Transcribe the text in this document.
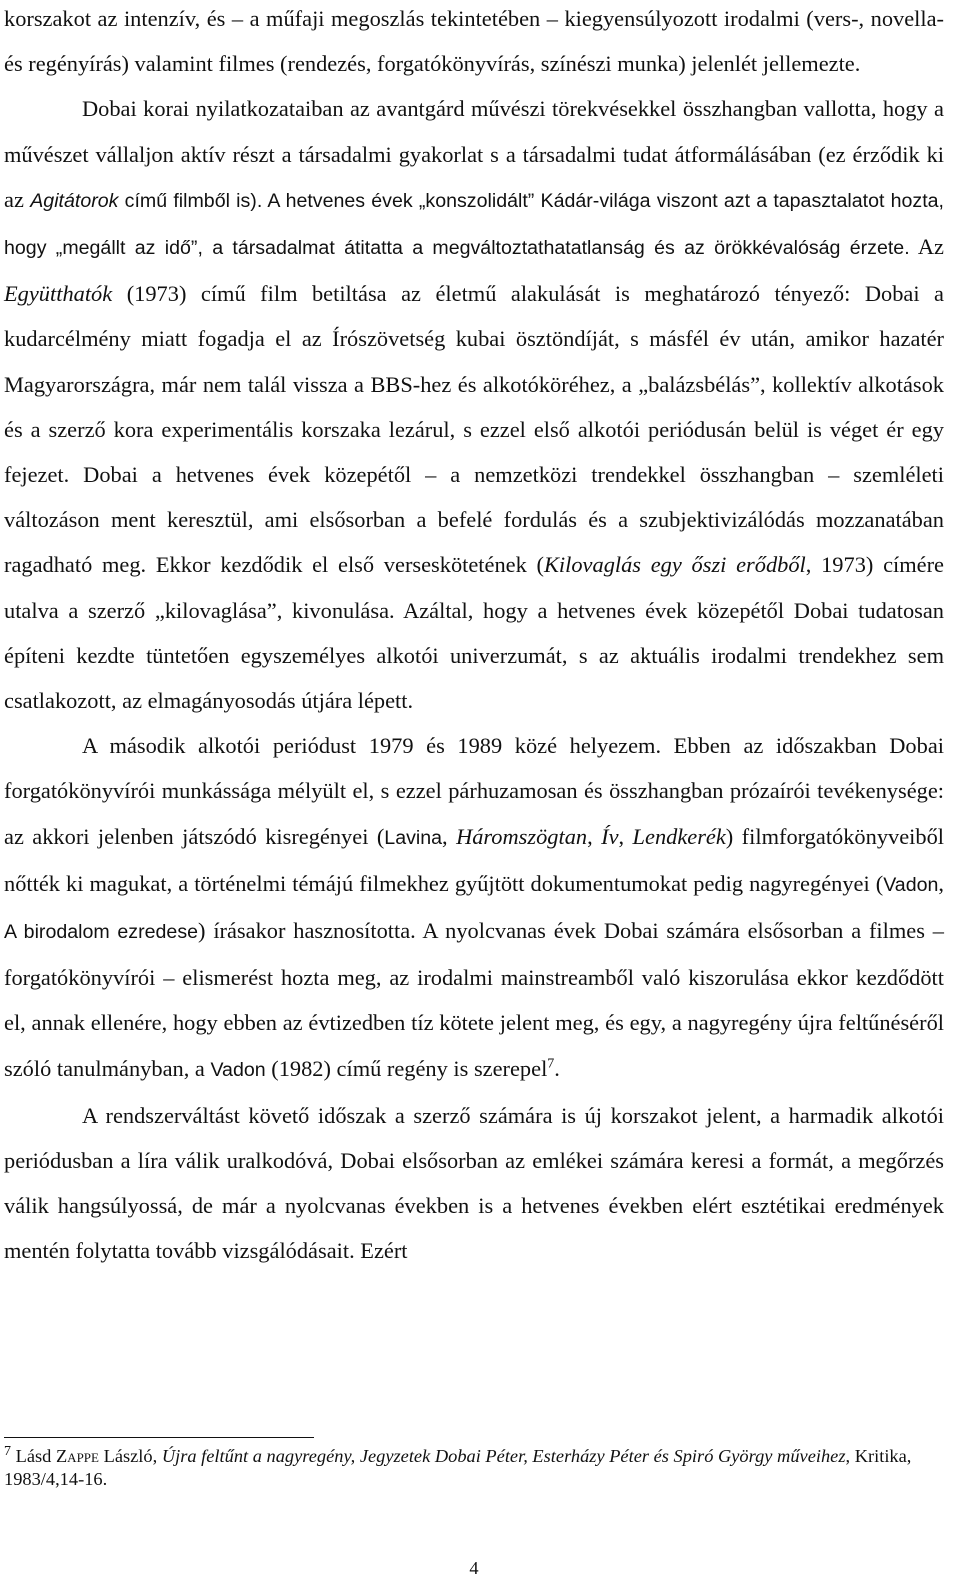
korszakot az intenzív, és – a műfaji megoszlás tekintetében – kiegyensúlyozott irodalmi (vers-, novella- és regényírás) valamint filmes (rendezés, forgatókönyvírás, színészi munka) jelenlét jellemezte.

Dobai korai nyilatkozataiban az avantgárd művészi törekvésekkel összhangban vallotta, hogy a művészet vállaljon aktív részt a társadalmi gyakorlat s a társadalmi tudat átformálásában (ez érződik ki az Agitátorok című filmből is). A hetvenes évek „konszolidált” Kádár-világa viszont azt a tapasztalatot hozta, hogy „megállt az idő”, a társadalmat átitatta a megváltoztathatatlanság és az örökkévalóság érzete. Az Együtthatók (1973) című film betiltása az életmű alakulását is meghatározó tényező: Dobai a kudarcélmény miatt fogadja el az Írószövetség kubai ösztöndíját, s másfél év után, amikor hazatér Magyarországra, már nem talál vissza a BBS-hez és alkotóköréhez, a „balázsbélás”, kollektív alkotások és a szerző kora experimentális korszaka lezárul, s ezzel első alkotói periódusán belül is véget ér egy fejezet. Dobai a hetvenes évek közepétől – a nemzetközi trendekkel összhangban – szemléleti változáson ment keresztül, ami elsősorban a befelé fordulás és a szubjektivizálódás mozzanatában ragadható meg. Ekkor kezdődik el első verseskötetének (Kilovaglás egy őszi erődből, 1973) címére utalva a szerző „kilovaglása”, kivonulása. Azáltal, hogy a hetvenes évek közepétől Dobai tudatosan építeni kezdte tüntetően egyszemélyes alkotói univerzumát, s az aktuális irodalmi trendekhez sem csatlakozott, az elmagányosodás útjára lépett.

A második alkotói periódust 1979 és 1989 közé helyezem. Ebben az időszakban Dobai forgatókönyvírói munkássága mélyült el, s ezzel párhuzamosan és összhangban prózaírói tevékenysége: az akkori jelenben játszódó kisregényei (Lavina, Háromszögtan, Ív, Lendkerék) filmforgatókönyveiből nőtték ki magukat, a történelmi témájú filmekhez gyűjtött dokumentumokat pedig nagyregényei (Vadon, A birodalom ezredese) írásakor hasznosította. A nyolcvanas évek Dobai számára elsősorban a filmes – forgatókönyvírói – elismerést hozta meg, az irodalmi mainstreamből való kiszorulása ekkor kezdődött el, annak ellenére, hogy ebben az évtizedben tíz kötete jelent meg, és egy, a nagyregény újra feltűnéséről szóló tanulmányban, a Vadon (1982) című regény is szerepel$^7$.

A rendszerváltást követő időszak a szerző számára is új korszakot jelent, a harmadik alkotói periódusban a líra válik uralkodóvá, Dobai elsősorban az emlékei számára keresi a formát, a megőrzés válik hangsúlyossá, de már a nyolcvanas években is a hetvenes években elért esztétikai eredmények mentén folytatta tovább vizsgálódásait. Ezért

$^7$ Lásd Zappe László, Újra feltűnt a nagyregény, Jegyzetek Dobai Péter, Esterházy Péter és Spiró György műveihez, Kritika, 1983/4,14-16.
4
